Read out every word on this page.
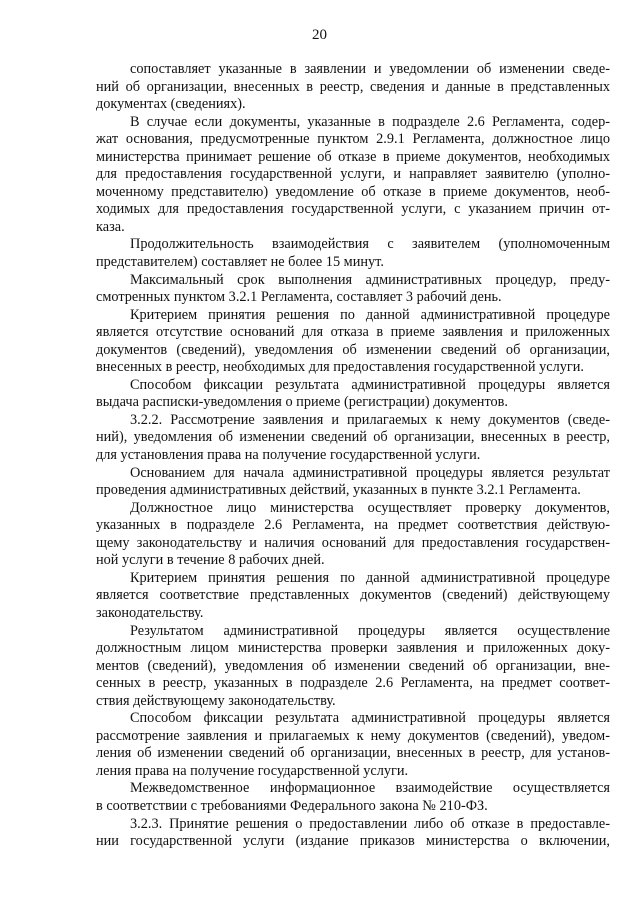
20

сопоставляет указанные в заявлении и уведомлении об изменении сведе-
ний об организации, внесенных в реестр, сведения и данные в представленных
документах (сведениях).

В случае если документы, указанные в подразделе 2.6 Регламента, содер-
жат основания, предусмотренные пунктом 2.9.1 Регламента, должностное лицо
министерства принимает решение об отказе в приеме документов, необходимых
для предоставления государственной услуги, и направляет заявителю (уполно-
моченному представителю) уведомление об отказе в приеме документов, необ-
ходимых для предоставления государственной услуги, с указанием причин от-
каза.

Продолжительность взаимодействия с заявителем (уполномоченным
представителем) составляет не более 15 минут.

Максимальный срок выполнения административных процедур, преду-
смотренных пунктом 3.2.1 Регламента, составляет 3 рабочий день.

Критерием принятия решения по данной административной процедуре
является отсутствие оснований для отказа в приеме заявления и приложенных
документов (сведений), уведомления об изменении сведений об организации,
внесенных в реестр, необходимых для предоставления государственной услуги.

Способом фиксации результата административной процедуры является
выдача расписки-уведомления о приеме (регистрации) документов.

3.2.2. Рассмотрение заявления и прилагаемых к нему документов (сведе-
ний), уведомления об изменении сведений об организации, внесенных в реестр,
для установления права на получение государственной услуги.

Основанием для начала административной процедуры является результат
проведения административных действий, указанных в пункте 3.2.1 Регламента.

Должностное лицо министерства осуществляет проверку документов,
указанных в подразделе 2.6 Регламента, на предмет соответствия действую-
щему законодательству и наличия оснований для предоставления государствен-
ной услуги в течение 8 рабочих дней.

Критерием принятия решения по данной административной процедуре
является соответствие представленных документов (сведений) действующему
законодательству.

Результатом административной процедуры является осуществление
должностным лицом министерства проверки заявления и приложенных доку-
ментов (сведений), уведомления об изменении сведений об организации, вне-
сенных в реестр, указанных в подразделе 2.6 Регламента, на предмет соответ-
ствия действующему законодательству.

Способом фиксации результата административной процедуры является
рассмотрение заявления и прилагаемых к нему документов (сведений), уведом-
ления об изменении сведений об организации, внесенных в реестр, для установ-
ления права на получение государственной услуги.

Межведомственное информационное взаимодействие осуществляется
в соответствии с требованиями Федерального закона № 210-ФЗ.

3.2.3. Принятие решения о предоставлении либо об отказе в предоставле-
нии государственной услуги (издание приказов министерства о включении,
